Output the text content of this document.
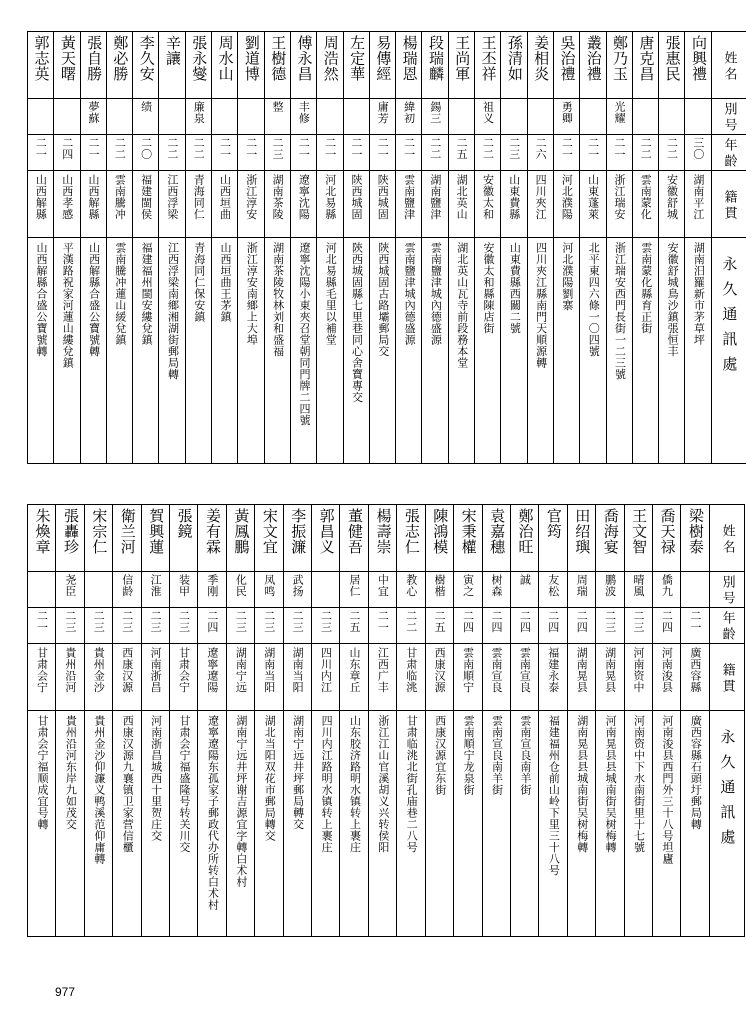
郭志英	黃天曙	張自勝	鄭必勝	李久安	辛讓	張永燮	周水山	劉道博	王樹德	傅永昌	周浩然	左定華	易傳經	楊瑞恩	段瑞麟	王尚軍	王丕祥	孫清如	姜相炎	吳治禮	叢治禮	鄭乃玉	唐克昌	張惠民	向興禮	姓名

		夢蘇		绩		廉泉			整	丰修			庸芳	緯初	鍚三		祖义			勇卿		光耀				別号

二一	二四	二一	二二	二〇	二二	二二	二一	二一	二三	二一	二一	二一	二一	二一	二二	二五	二二	二三	二六	二一	二一	二一	二二	二二	三〇	年齡

山西解縣	山西孝感	山西解縣	雲南騰冲	福建閩侯	江西浮梁	青海同仁	山西垣曲	浙江淳安	湖南茶陵	遼寧沈陽	河北易縣	陝西城固	陝西城固	雲南鹽津	湖南鹽津	湖北英山	安徽太和	山東費縣	四川夾江	河北濮陽	山東蓬萊	浙江瑞安	雲南蒙化	安徽舒城	湖南平江	籍貫

山西解縣合盛公寶號轉	平漢路祝家河蓮山縷兌鎮	山西解縣合盛公寶號轉	雲南騰冲蓮山緩兌鎮	福建福州閩安縷兌鎮	江西浮梁南鄉湘湖街郵局轉	青海同仁保安鎮	山西垣曲王茅鎮	浙江淳安南鄉上大埠	湖南茶陵牧林刘和盛福	遼寧沈陽小東夾召堂朝同門牌二四號	河北易縣毛里以補堂	陝西城固縣七里巷同心舍寶專交	陝西城固古路壩郵局交	雲南鹽津城內德盛源	雲南鹽津城內德盛源	湖北英山瓦寺前段務本堂	安徽太和縣陳店街	山東費縣西關二號	四川夾江縣南門天順源轉	河北濮陽劉寨	北平東四六條一〇四號	浙江瑞安西門長街一二三號	雲南蒙化縣育正街	安徽舒城鳥沙鎮張恒丰	湖南汨羅新市茅草坪	永久通訊處
朱煥章	張轟珍	宋宗仁	衛兰河	賀興蓮	張鏡	姜有霖	黃鳳鵬	宋文宜	李振濂	郭昌义	董健吾	楊壽崇	張志仁	陳鴻模	宋秉權	袁嘉穗	鄭治旺	官筠	田绍璵	喬海宴	王文智	喬天禄	梁樹泰	姓名

	尧臣		信龄	江淮	装甲	季刚	化民	凤鸣	武扬		居仁	中宜	教心	樹楷	寅之	树森	誠	友松	周瑞	鹏波	晴風	僑九		別号

二一	二三	二三	二三	二三	二三	二四	二三	二三	二三	二三	二五	二一	二二	二五	二四	二四	二四	二四	二四	二三	二三	二四	二一	年齡

甘肃会宁	貴州沿河	貴州金沙	西康汉源	河南浙昌	甘肃会宁	遼寧遼陽	湖南宁远	湖南当阳	湖南当阳	四川内江	山东章丘	江西广丰	甘肃临洮	西康汉源	雲南順宁	雲南宣良	雲南宣良	福建永泰	湖南晃县	湖南晃县	河南资中	河南浚县	廣西容縣	籍貫

甘肃会宁福顺成宜号轉	貴州沿河东岸九如茂交	貴州金沙仰濂义鸭溪范仰庸轉	西康汉源九襄镇卫家营信櫃	河南浙昌城西十里贺庄交	甘肃会宁福盛隆号转关川交	遼寧遼陽东孤家子郵政代办所转白术村	湖南宁远井坪谢吉源宜字轉白术村	湖北当阳双花市郵局轉交	湖南宁远井坪郵局轉交	四川内江路明水镇转上裹庄	山东胶济路明水镇转上裹庄	浙江江山官溪胡义兴转侯阳	甘肃临洮北街孔庙巷二八号	西康汉源宜东街	雲南順宁龙泉街	雲南宣良南羊街	雲南宣良南羊街	福建福州仓前山岭下里三十八号	湖南晃县县城南街吴树梅轉	河南晃县县城南街吴树梅轉	河南资中下水南街里十七號	河南浚县西門外三十八号坦廬	廣西容縣石頭圩郵局轉	永久通訊處
977
